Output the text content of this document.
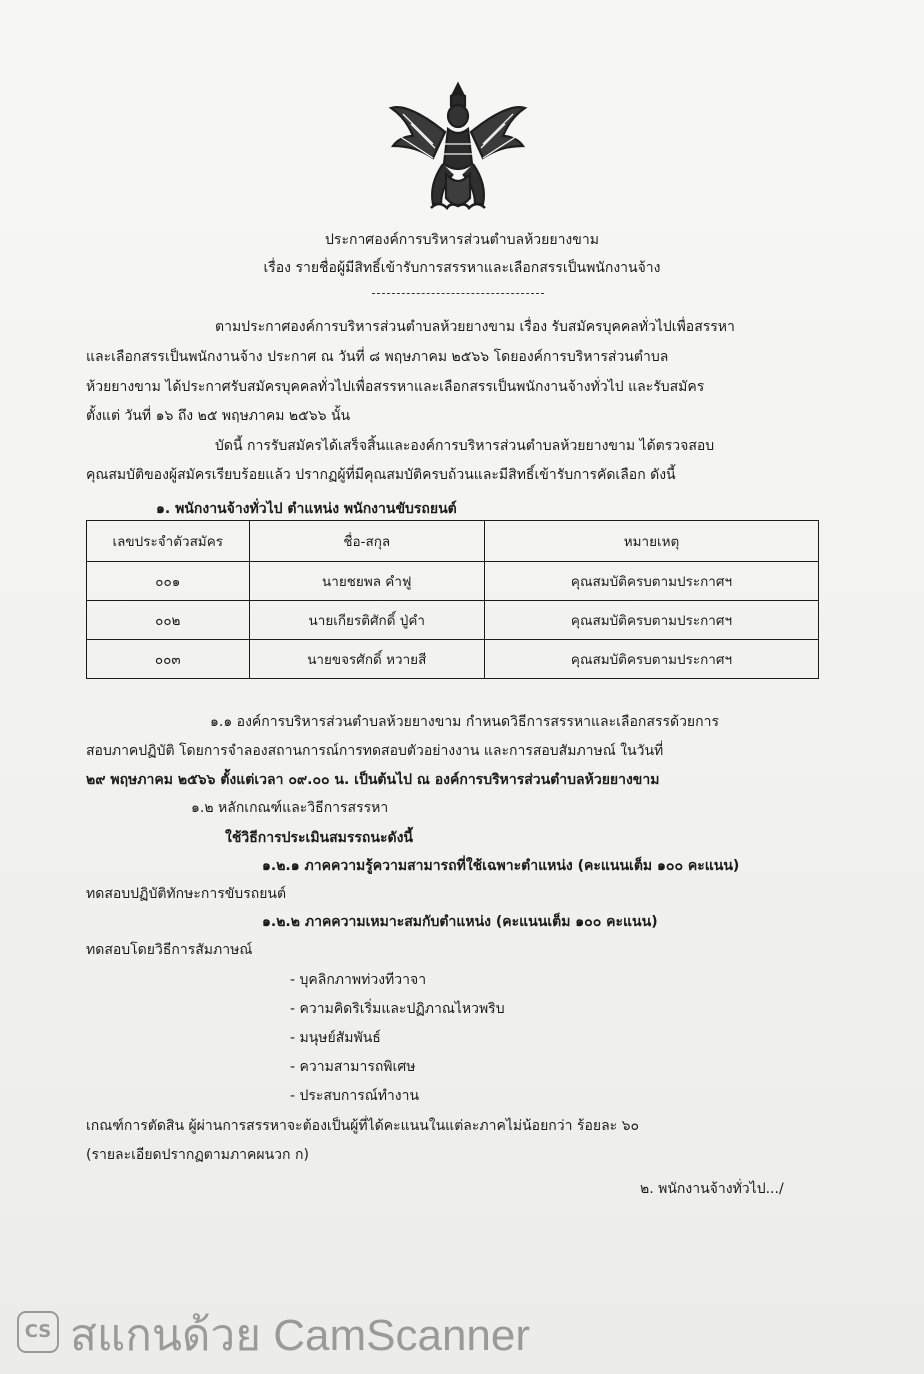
ประกาศองค์การบริหารส่วนตำบลห้วยยางขาม
เรื่อง รายชื่อผู้มีสิทธิ์เข้ารับการสรรหาและเลือกสรรเป็นพนักงานจ้าง
ตามประกาศองค์การบริหารส่วนตำบลห้วยยางขาม เรื่อง รับสมัครบุคคลทั่วไปเพื่อสรรหา
และเลือกสรรเป็นพนักงานจ้าง ประกาศ ณ วันที่ ๘ พฤษภาคม ๒๕๖๖ โดยองค์การบริหารส่วนตำบล
ห้วยยางขาม ได้ประกาศรับสมัครบุคคลทั่วไปเพื่อสรรหาและเลือกสรรเป็นพนักงานจ้างทั่วไป และรับสมัคร
ตั้งแต่ วันที่ ๑๖ ถึง ๒๕ พฤษภาคม ๒๕๖๖ นั้น
บัดนี้ การรับสมัครได้เสร็จสิ้นและองค์การบริหารส่วนตำบลห้วยยางขาม ได้ตรวจสอบ
คุณสมบัติของผู้สมัครเรียบร้อยแล้ว ปรากฏผู้ที่มีคุณสมบัติครบถ้วนและมีสิทธิ์เข้ารับการคัดเลือก ดังนี้
๑. พนักงานจ้างทั่วไป ตำแหน่ง พนักงานขับรถยนต์
เลขประจำตัวสมัคร	ชื่อ-สกุล	หมายเหตุ
๐๐๑	นายชยพล คำฟู	คุณสมบัติครบตามประกาศฯ
๐๐๒	นายเกียรติศักดิ์ ปู่คำ	คุณสมบัติครบตามประกาศฯ
๐๐๓	นายขจรศักดิ์ หวายสี	คุณสมบัติครบตามประกาศฯ
๑.๑ องค์การบริหารส่วนตำบลห้วยยางขาม กำหนดวิธีการสรรหาและเลือกสรรด้วยการ
สอบภาคปฏิบัติ โดยการจำลองสถานการณ์การทดสอบตัวอย่างงาน และการสอบสัมภาษณ์ ในวันที่
๒๙ พฤษภาคม ๒๕๖๖ ตั้งแต่เวลา ๐๙.๐๐ น. เป็นต้นไป ณ องค์การบริหารส่วนตำบลห้วยยางขาม
๑.๒ หลักเกณฑ์และวิธีการสรรหา
ใช้วิธีการประเมินสมรรถนะดังนี้
๑.๒.๑ ภาคความรู้ความสามารถที่ใช้เฉพาะตำแหน่ง (คะแนนเต็ม ๑๐๐ คะแนน)
ทดสอบปฏิบัติทักษะการขับรถยนต์
๑.๒.๒ ภาคความเหมาะสมกับตำแหน่ง (คะแนนเต็ม ๑๐๐ คะแนน)
ทดสอบโดยวิธีการสัมภาษณ์
- บุคลิกภาพท่วงทีวาจา
- ความคิดริเริ่มและปฏิภาณไหวพริบ
- มนุษย์สัมพันธ์
- ความสามารถพิเศษ
- ประสบการณ์ทำงาน
เกณฑ์การตัดสิน ผู้ผ่านการสรรหาจะต้องเป็นผู้ที่ได้คะแนนในแต่ละภาคไม่น้อยกว่า ร้อยละ ๖๐
(รายละเอียดปรากฏตามภาคผนวก ก)
๒. พนักงานจ้างทั่วไป.../
CS สแกนด้วย CamScanner
